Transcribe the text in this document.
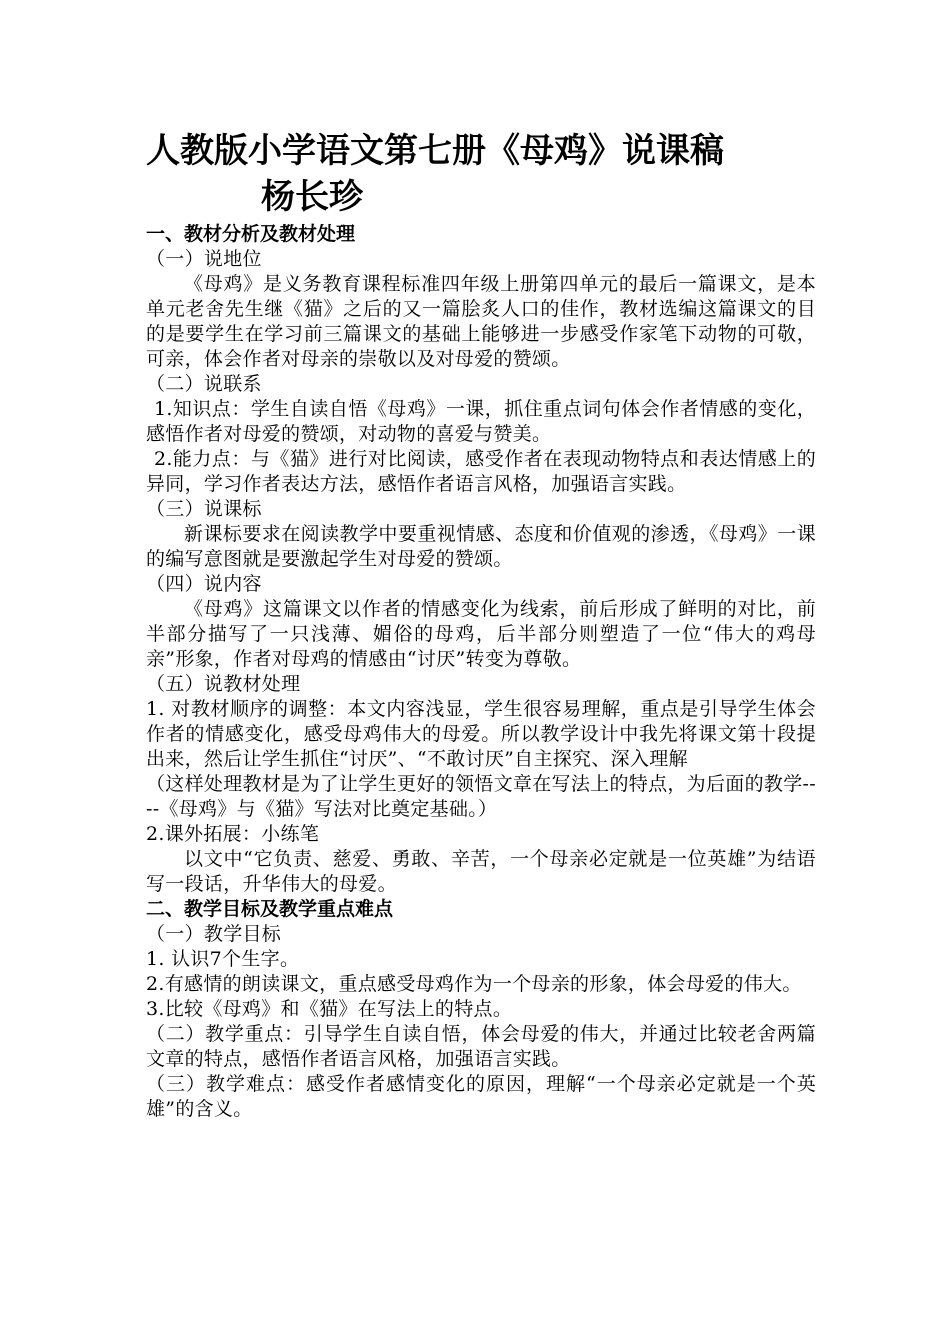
人教版小学语文第七册《母鸡》说课稿
杨长珍
一、教材分析及教材处理
（一）说地位
《母鸡》是义务教育课程标准四年级上册第四单元的最后一篇课文，是本单元老舍先生继《猫》之后的又一篇脍炙人口的佳作，教材选编这篇课文的目的是要学生在学习前三篇课文的基础上能够进一步感受作家笔下动物的可敬，可亲，体会作者对母亲的崇敬以及对母爱的赞颂。
（二）说联系
1.知识点：学生自读自悟《母鸡》一课，抓住重点词句体会作者情感的变化，感悟作者对母爱的赞颂，对动物的喜爱与赞美。
2.能力点：与《猫》进行对比阅读，感受作者在表现动物特点和表达情感上的异同，学习作者表达方法，感悟作者语言风格，加强语言实践。
（三）说课标
新课标要求在阅读教学中要重视情感、态度和价值观的渗透，《母鸡》一课的编写意图就是要激起学生对母爱的赞颂。
（四）说内容
《母鸡》这篇课文以作者的情感变化为线索，前后形成了鲜明的对比，前半部分描写了一只浅薄、媚俗的母鸡，后半部分则塑造了一位“伟大的鸡母亲”形象，作者对母鸡的情感由“讨厌”转变为尊敬。
（五）说教材处理
1. 对教材顺序的调整：本文内容浅显，学生很容易理解，重点是引导学生体会作者的情感变化，感受母鸡伟大的母爱。所以教学设计中我先将课文第十段提出来，然后让学生抓住“讨厌”、“不敢讨厌”自主探究、深入理解
（这样处理教材是为了让学生更好的领悟文章在写法上的特点，为后面的教学----《母鸡》与《猫》写法对比奠定基础。）
2.课外拓展：小练笔
以文中“它负责、慈爱、勇敢、辛苦，一个母亲必定就是一位英雄”为结语写一段话，升华伟大的母爱。
二、教学目标及教学重点难点
（一）教学目标
1. 认识7个生字。
2.有感情的朗读课文，重点感受母鸡作为一个母亲的形象，体会母爱的伟大。
3.比较《母鸡》和《猫》在写法上的特点。
（二）教学重点：引导学生自读自悟，体会母爱的伟大，并通过比较老舍两篇文章的特点，感悟作者语言风格，加强语言实践。
（三）教学难点：感受作者感情变化的原因，理解“一个母亲必定就是一个英雄”的含义。
